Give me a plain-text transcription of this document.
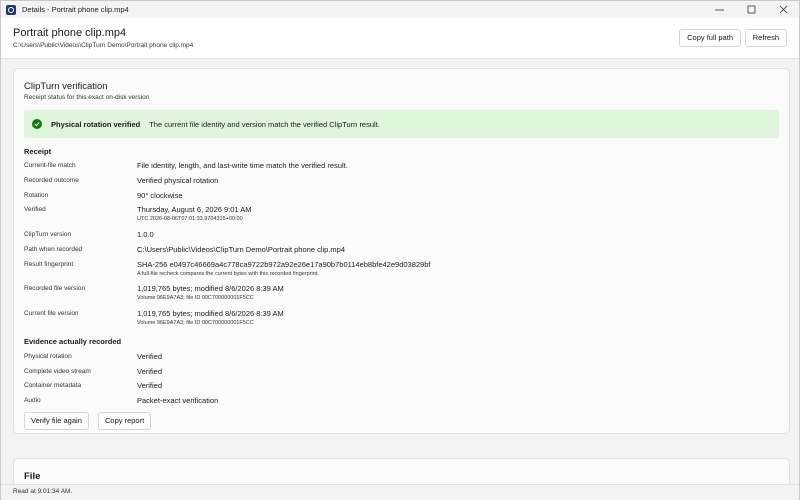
Details - Portrait phone clip.mp4
Portrait phone clip.mp4
C:\Users\Public\Videos\ClipTurn Demo\Portrait phone clip.mp4
Copy full path	Refresh
ClipTurn verification
Receipt status for this exact on-disk version
Physical rotation verified The current file identity and version match the verified ClipTurn result.
Receipt
Current-file match	File identity, length, and last-write time match the verified result.
Recorded outcome	Verified physical rotation
Rotation	90° clockwise
Verified	Thursday, August 6, 2026 9:01 AM
UTC 2026-08-06T07:01:33.9704315+00:00
ClipTurn version	1.0.0
Path when recorded	C:\Users\Public\Videos\ClipTurn Demo\Portrait phone clip.mp4
Result fingerprint	SHA-256 e0497c46669a4c778ca9722b972a92e26e17a90b7b0114eb8bfe42e9d03829bf
A full-file recheck compares the current bytes with this recorded fingerprint.
Recorded file version	1,019,765 bytes; modified 8/6/2026 8:39 AM
Volume 96E9A7A3; file ID 00C700000001F5CC
Current file version	1,019,765 bytes; modified 8/6/2026 8:39 AM
Volume 96E9A7A3; file ID 00C700000001F5CC
Evidence actually recorded
Physical rotation	Verified
Complete video stream	Verified
Container metadata	Verified
Audio	Packet-exact verification
Verify file again	Copy report
File
Read at 9:01:34 AM.
